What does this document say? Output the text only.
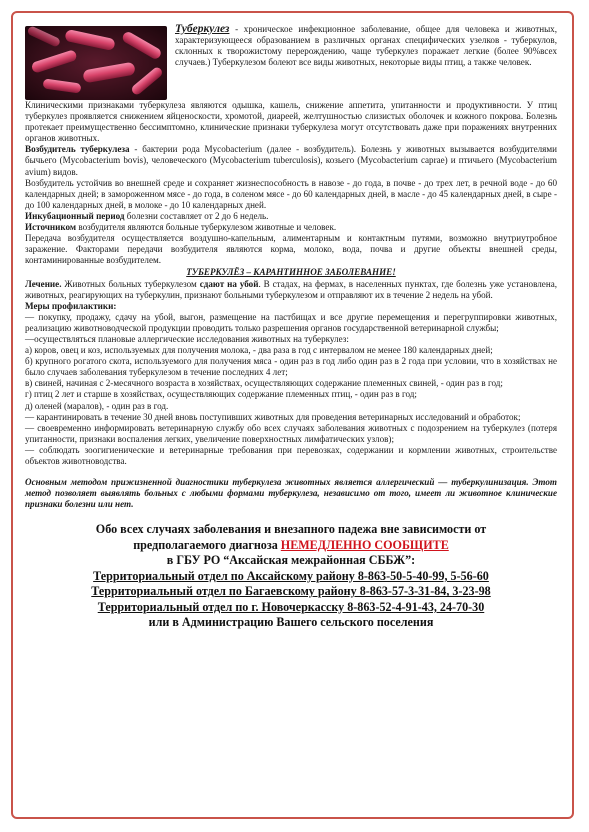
Туберкулез - хроническое инфекционное заболевание, общее для человека и животных, характеризующееся образованием в различных органах специфических узелков - туберкулов, склонных к творожистому перерождению, чаще туберкулез поражает легкие (более 90%всех случаев.) Туберкулезом болеют все виды животных, некоторые виды птиц, а также человек.

Клиническими признаками туберкулеза являются одышка, кашель, снижение аппетита, упитанности и продуктивности. У птиц туберкулез проявляется снижением яйценоскости, хромотой, диареей, желтушностью слизистых оболочек и кожного покрова. Болезнь протекает преимущественно бессимптомно, клинические признаки туберкулеза могут отсутствовать даже при поражениях внутренних органов животных.

Возбудитель туберкулеза - бактерии рода Mycobacterium (далее - возбудитель). Болезнь у животных вызывается возбудителями бычьего (Mycobacterium bovis), человеческого (Mycobacterium tuberculosis), козьего (Mycobacterium caprae) и птичьего (Mycobacterium avium) видов.

Возбудитель устойчив во внешней среде и сохраняет жизнеспособность в навозе - до года, в почве - до трех лет, в речной воде - до 60 календарных дней; в замороженном мясе - до года, в соленом мясе - до 60 календарных дней, в масле - до 45 календарных дней, в сыре - до 100 календарных дней, в молоке - до 10 календарных дней.

Инкубационный период болезни составляет от 2 до 6 недель.

Источником возбудителя являются больные туберкулезом животные и человек.

Передача возбудителя осуществляется воздушно-капельным, алиментарным и контактным путями, возможно внутриутробное заражение. Факторами передачи возбудителя являются корма, молоко, вода, почва и другие объекты внешней среды, контаминированные возбудителем.

ТУБЕРКУЛЁЗ – КАРАНТИННОЕ ЗАБОЛЕВАНИЕ!

Лечение. Животных больных туберкулезом сдают на убой. В стадах, на фермах, в населенных пунктах, где болезнь уже установлена, животных, реагирующих на туберкулин, признают больными туберкулезом и отправляют их в течение 2 недель на убой.

Меры профилактики:

— покупку, продажу, сдачу на убой, выгон, размещение на пастбищах и все другие перемещения и перегруппировки животных, реализацию животноводческой продукции проводить только разрешения органов государственной ветеринарной службы;

—осуществляться плановые аллергические исследования животных на туберкулез:

а) коров, овец и коз, используемых для получения молока, - два раза в год с интервалом не менее 180 календарных дней;

б) крупного рогатого скота, используемого для получения мяса - один раз в год либо один раз в 2 года при условии, что в хозяйствах не было случаев заболевания туберкулезом в течение последних 4 лет;

в) свиней, начиная с 2-месячного возраста в хозяйствах, осуществляющих содержание племенных свиней, - один раз в год;

г) птиц 2 лет и старше в хозяйствах, осуществляющих содержание племенных птиц, - один раз в год;

д) оленей (маралов), - один раз в год.

— карантинировать в течение 30 дней вновь поступивших животных для проведения ветеринарных исследований и обработок;

— своевременно информировать ветеринарную службу обо всех случаях заболевания животных с подозрением на туберкулез (потеря упитанности, признаки воспаления легких, увеличение поверхностных лимфатических узлов);

— соблюдать зоогигиенические и ветеринарные требования при перевозках, содержании и кормлении животных, строительстве объектов животноводства.

Основным методом прижизненной диагностики туберкулеза животных является аллергический — туберкулинизация. Этот метод позволяет выявлять больных с любыми формами туберкулеза, независимо от того, имеет ли животное клинические признаки болезни или нет.

Обо всех случаях заболевания и внезапного падежа вне зависимости от
предполагаемого диагноза НЕМЕДЛЕННО СООБЩИТЕ
в ГБУ РО “Аксайская межрайонная СББЖ”:
Территориальный отдел по Аксайскому району 8-863-50-5-40-99, 5-56-60
Территориальный отдел по Багаевскому району 8-863-57-3-31-84, 3-23-98
Территориальный отдел по г. Новочеркасску 8-863-52-4-91-43, 24-70-30
или в Администрацию Вашего сельского поселения
